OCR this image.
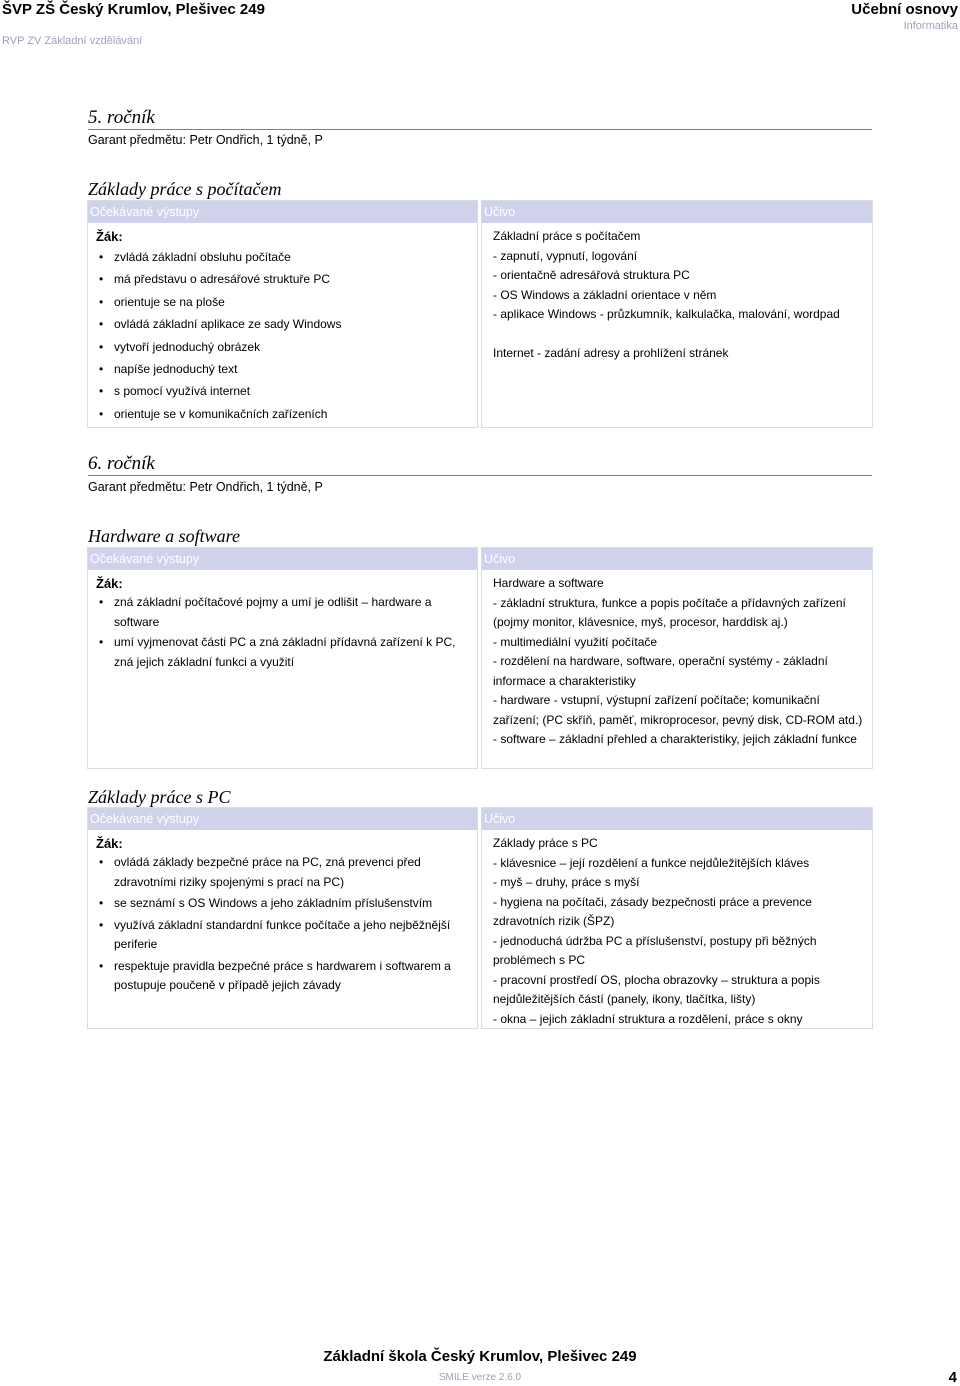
ŠVP ZŠ Český Krumlov, Plešivec 249
RVP ZV Základní vzdělávání
Učební osnovy
Informatika
5. ročník
Garant předmětu: Petr Ondřich, 1 týdně, P
Základy práce s počítačem
Očekávané výstupy
Žák:
• zvládá základní obsluhu počítače
• má představu o adresářové struktuře PC
• orientuje se na ploše
• ovládá základní aplikace ze sady Windows
• vytvoří jednoduchý obrázek
• napíše jednoduchý text
• s pomocí využívá internet
• orientuje se v komunikačních zařízeních
Učivo
Základní práce s počítačem
- zapnutí, vypnutí, logování
- orientačně adresářová struktura PC
- OS Windows a základní orientace v něm
- aplikace Windows - průzkumník, kalkulačka, malování, wordpad
Internet - zadání adresy a prohlížení stránek
6. ročník
Garant předmětu: Petr Ondřich, 1 týdně, P
Hardware a software
Očekávané výstupy
Žák:
• zná základní počítačové pojmy a umí je odlišit – hardware a software
• umí vyjmenovat části PC a zná základní přídavná zařízení k PC, zná jejich základní funkci a využití
Učivo
Hardware a software
- základní struktura, funkce a popis počítače a přídavných zařízení (pojmy monitor, klávesnice, myš, procesor, harddisk aj.)
- multimediální využití počítače
- rozdělení na hardware, software, operační systémy - základní informace a charakteristiky
- hardware - vstupní, výstupní zařízení počítače; komunikační zařízení; (PC skříň, paměť, mikroprocesor, pevný disk, CD-ROM atd.)
- software – základní přehled a charakteristiky, jejich základní funkce
Základy práce s PC
Očekávané výstupy
Žák:
• ovládá základy bezpečné práce na PC, zná prevenci před zdravotními riziky spojenými s prací na PC)
• se seznámí s OS Windows a jeho základním příslušenstvím
• využívá základní standardní funkce počítače a jeho nejběžnější periferie
• respektuje pravidla bezpečné práce s hardwarem i softwarem a postupuje poučeně v případě jejich závady
Učivo
Základy práce s PC
- klávesnice – její rozdělení a funkce nejdůležitějších kláves
- myš – druhy, práce s myší
- hygiena na počítači, zásady bezpečnosti práce a prevence zdravotních rizik (ŠPZ)
- jednoduchá údržba PC a příslušenství, postupy při běžných problémech s PC
- pracovní prostředí OS, plocha obrazovky – struktura a popis nejdůležitějších částí (panely, ikony, tlačítka, lišty)
- okna – jejich základní struktura a rozdělení, práce s okny
Základní škola Český Krumlov, Plešivec 249
SMILE verze 2.6.0	4
